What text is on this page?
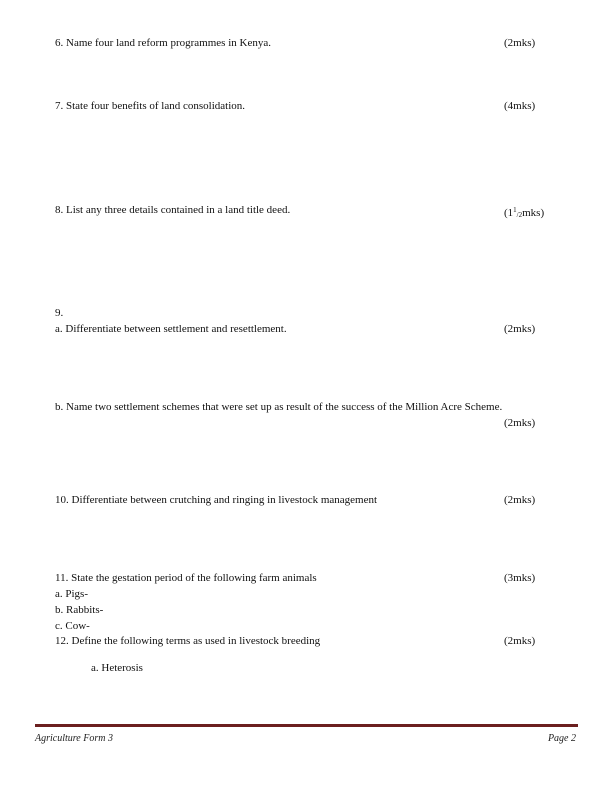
6. Name four land reform programmes in Kenya.	(2mks)
7. State four benefits of land consolidation.	(4mks)
8. List any three details contained in a land title deed.	$(1^1_{/2}mks)$
9.
a. Differentiate between settlement and resettlement.	(2mks)
b. Name two settlement schemes that were set up as result of the success of the Million Acre Scheme.
(2mks)
10. Differentiate between crutching and ringing in livestock management	(2mks)
11. State the gestation period of the following farm animals	(3mks)
a. Pigs-
b. Rabbits-
c. Cow-
12. Define the following terms as used in livestock breeding	(2mks)
a. Heterosis
Agriculture Form 3	Page 2
